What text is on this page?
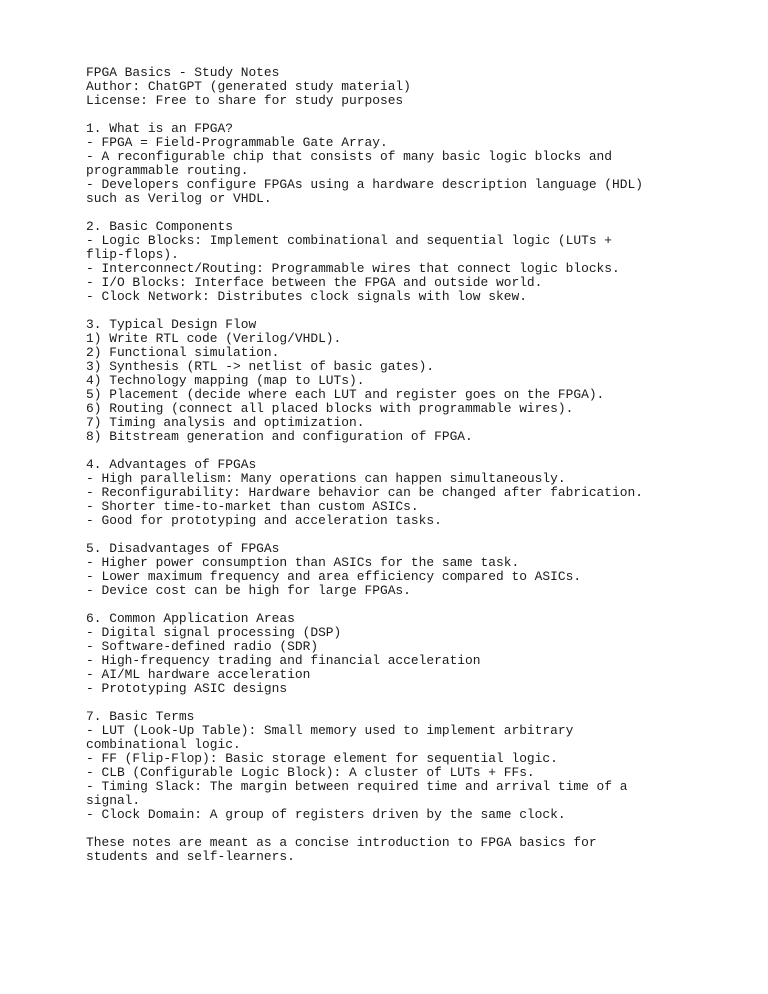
FPGA Basics - Study Notes
Author: ChatGPT (generated study material)
License: Free to share for study purposes
1. What is an FPGA?
- FPGA = Field-Programmable Gate Array.
- A reconfigurable chip that consists of many basic logic blocks and
programmable routing.
- Developers configure FPGAs using a hardware description language (HDL)
such as Verilog or VHDL.
2. Basic Components
- Logic Blocks: Implement combinational and sequential logic (LUTs +
flip-flops).
- Interconnect/Routing: Programmable wires that connect logic blocks.
- I/O Blocks: Interface between the FPGA and outside world.
- Clock Network: Distributes clock signals with low skew.
3. Typical Design Flow
1) Write RTL code (Verilog/VHDL).
2) Functional simulation.
3) Synthesis (RTL -> netlist of basic gates).
4) Technology mapping (map to LUTs).
5) Placement (decide where each LUT and register goes on the FPGA).
6) Routing (connect all placed blocks with programmable wires).
7) Timing analysis and optimization.
8) Bitstream generation and configuration of FPGA.
4. Advantages of FPGAs
- High parallelism: Many operations can happen simultaneously.
- Reconfigurability: Hardware behavior can be changed after fabrication.
- Shorter time-to-market than custom ASICs.
- Good for prototyping and acceleration tasks.
5. Disadvantages of FPGAs
- Higher power consumption than ASICs for the same task.
- Lower maximum frequency and area efficiency compared to ASICs.
- Device cost can be high for large FPGAs.
6. Common Application Areas
- Digital signal processing (DSP)
- Software-defined radio (SDR)
- High-frequency trading and financial acceleration
- AI/ML hardware acceleration
- Prototyping ASIC designs
7. Basic Terms
- LUT (Look-Up Table): Small memory used to implement arbitrary
combinational logic.
- FF (Flip-Flop): Basic storage element for sequential logic.
- CLB (Configurable Logic Block): A cluster of LUTs + FFs.
- Timing Slack: The margin between required time and arrival time of a
signal.
- Clock Domain: A group of registers driven by the same clock.
These notes are meant as a concise introduction to FPGA basics for
students and self-learners.
